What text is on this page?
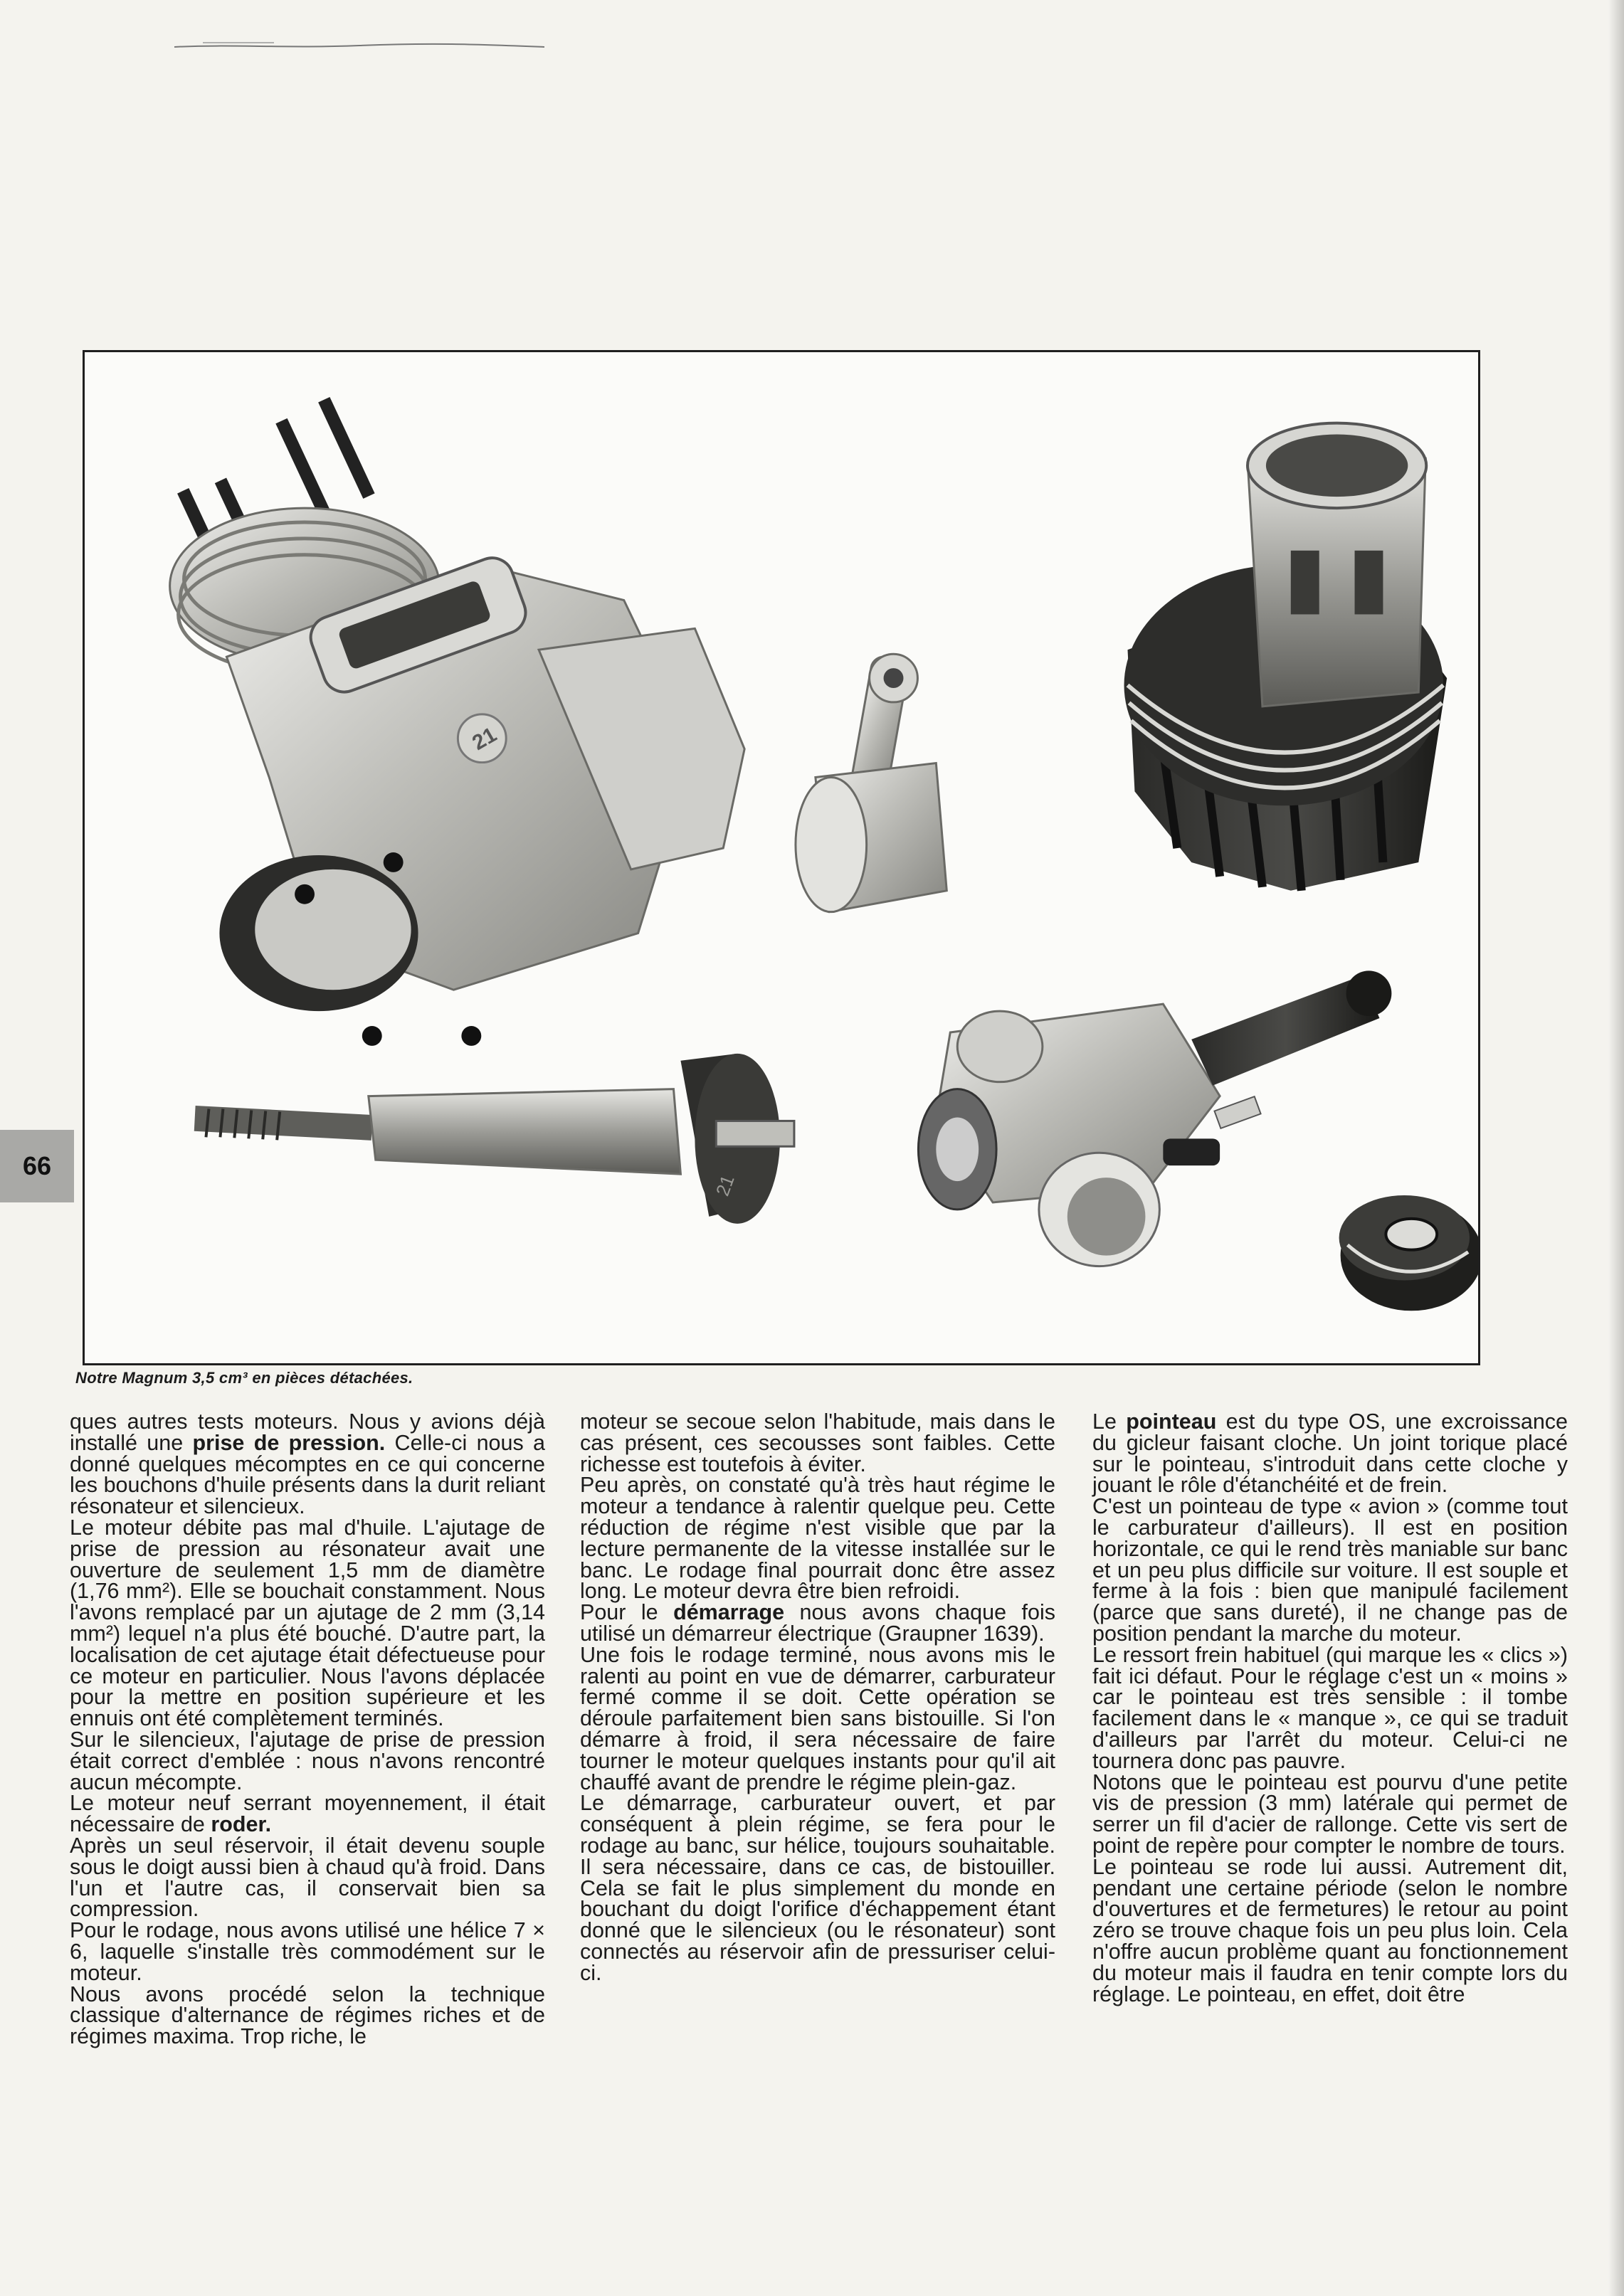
21
21
Notre Magnum 3,5 cm³ en pièces détachées.
66

ques autres tests moteurs. Nous y avions déjà installé une prise de pression. Celle-ci nous a donné quelques mécomptes en ce qui concerne les bouchons d'huile présents dans la durit reliant résonateur et silencieux.

Le moteur débite pas mal d'huile. L'ajutage de prise de pression au résonateur avait une ouverture de seulement 1,5 mm de diamètre (1,76 mm²). Elle se bouchait constamment. Nous l'avons remplacé par un ajutage de 2 mm (3,14 mm²) lequel n'a plus été bouché. D'autre part, la localisation de cet ajutage était défectueuse pour ce moteur en particulier. Nous l'avons déplacée pour la mettre en position supérieure et les ennuis ont été complètement terminés.

Sur le silencieux, l'ajutage de prise de pression était correct d'emblée : nous n'avons rencontré aucun mécompte.

Le moteur neuf serrant moyennement, il était nécessaire de roder.

Après un seul réservoir, il était devenu souple sous le doigt aussi bien à chaud qu'à froid. Dans l'un et l'autre cas, il conservait bien sa compression.

Pour le rodage, nous avons utilisé une hélice 7 × 6, laquelle s'installe très commodément sur le moteur.

Nous avons procédé selon la technique classique d'alternance de régimes riches et de régimes maxima. Trop riche, le

moteur se secoue selon l'habitude, mais dans le cas présent, ces secousses sont faibles. Cette richesse est toutefois à éviter.

Peu après, on constaté qu'à très haut régime le moteur a tendance à ralentir quelque peu. Cette réduction de régime n'est visible que par la lecture permanente de la vitesse installée sur le banc. Le rodage final pourrait donc être assez long. Le moteur devra être bien refroidi.

Pour le démarrage nous avons chaque fois utilisé un démarreur électrique (Graupner 1639).

Une fois le rodage terminé, nous avons mis le ralenti au point en vue de démarrer, carburateur fermé comme il se doit. Cette opération se déroule parfaitement bien sans bistouille. Si l'on démarre à froid, il sera nécessaire de faire tourner le moteur quelques instants pour qu'il ait chauffé avant de prendre le régime plein-gaz.

Le démarrage, carburateur ouvert, et par conséquent à plein régime, se fera pour le rodage au banc, sur hélice, toujours souhaitable. Il sera nécessaire, dans ce cas, de bistouiller. Cela se fait le plus simplement du monde en bouchant du doigt l'orifice d'échappement étant donné que le silencieux (ou le résonateur) sont connectés au réservoir afin de pressuriser celui-ci.

Le pointeau est du type OS, une excroissance du gicleur faisant cloche. Un joint torique placé sur le pointeau, s'introduit dans cette cloche y jouant le rôle d'étanchéité et de frein.

C'est un pointeau de type « avion » (comme tout le carburateur d'ailleurs). Il est en position horizontale, ce qui le rend très maniable sur banc et un peu plus difficile sur voiture. Il est souple et ferme à la fois : bien que manipulé facilement (parce que sans dureté), il ne change pas de position pendant la marche du moteur.

Le ressort frein habituel (qui marque les « clics ») fait ici défaut. Pour le réglage c'est un « moins » car le pointeau est très sensible : il tombe facilement dans le « manque », ce qui se traduit d'ailleurs par l'arrêt du moteur. Celui-ci ne tournera donc pas pauvre.

Notons que le pointeau est pourvu d'une petite vis de pression (3 mm) latérale qui permet de serrer un fil d'acier de rallonge. Cette vis sert de point de repère pour compter le nombre de tours.

Le pointeau se rode lui aussi. Autrement dit, pendant une certaine période (selon le nombre d'ouvertures et de fermetures) le retour au point zéro se trouve chaque fois un peu plus loin. Cela n'offre aucun problème quant au fonctionnement du moteur mais il faudra en tenir compte lors du réglage. Le pointeau, en effet, doit être
